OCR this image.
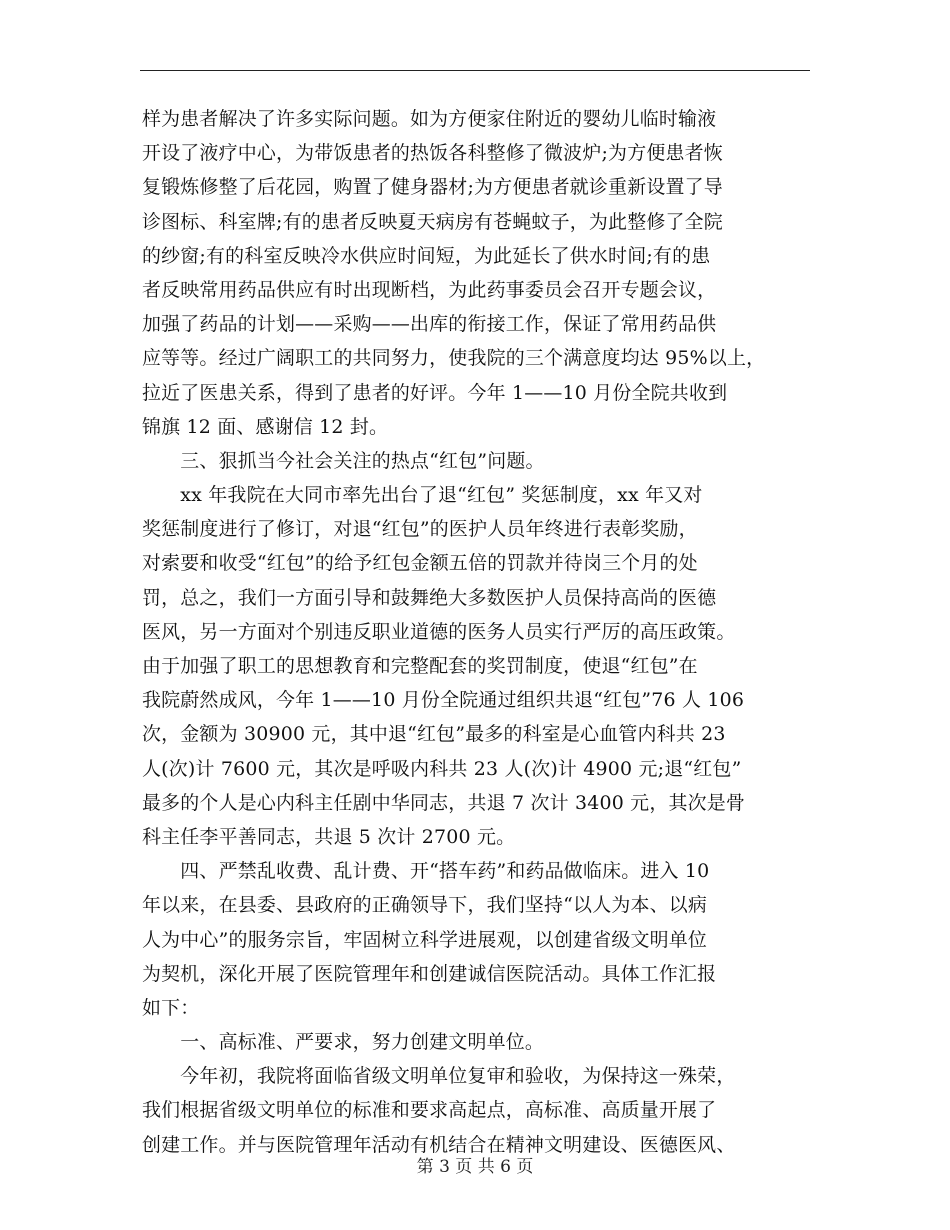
样为患者解决了许多实际问题。如为方便家住附近的婴幼儿临时输液
开设了液疗中心，为带饭患者的热饭各科整修了微波炉;为方便患者恢
复锻炼修整了后花园，购置了健身器材;为方便患者就诊重新设置了导
诊图标、科室牌;有的患者反映夏天病房有苍蝇蚊子，为此整修了全院
的纱窗;有的科室反映冷水供应时间短，为此延长了供水时间;有的患
者反映常用药品供应有时出现断档，为此药事委员会召开专题会议，
加强了药品的计划——采购——出库的衔接工作，保证了常用药品供
应等等。经过广阔职工的共同努力，使我院的三个满意度均达 95%以上，
拉近了医患关系，得到了患者的好评。今年 1——10 月份全院共收到
锦旗 12 面、感谢信 12 封。
　　三、狠抓当今社会关注的热点“红包”问题。
　　xx 年我院在大同市率先出台了退“红包” 奖惩制度，xx 年又对
奖惩制度进行了修订，对退“红包”的医护人员年终进行表彰奖励，
对索要和收受“红包”的给予红包金额五倍的罚款并待岗三个月的处
罚，总之，我们一方面引导和鼓舞绝大多数医护人员保持高尚的医德
医风，另一方面对个别违反职业道德的医务人员实行严厉的高压政策。
由于加强了职工的思想教育和完整配套的奖罚制度，使退“红包”在
我院蔚然成风，今年 1——10 月份全院通过组织共退“红包”76 人 106
次，金额为 30900 元，其中退“红包”最多的科室是心血管内科共 23
人(次)计 7600 元，其次是呼吸内科共 23 人(次)计 4900 元;退“红包”
最多的个人是心内科主任剧中华同志，共退 7 次计 3400 元，其次是骨
科主任李平善同志，共退 5 次计 2700 元。
　　四、严禁乱收费、乱计费、开“搭车药”和药品做临床。进入 10
年以来，在县委、县政府的正确领导下，我们坚持“以人为本、以病
人为中心”的服务宗旨，牢固树立科学进展观，以创建省级文明单位
为契机，深化开展了医院管理年和创建诚信医院活动。具体工作汇报
如下：
　　一、高标准、严要求，努力创建文明单位。
　　今年初，我院将面临省级文明单位复审和验收，为保持这一殊荣，
我们根据省级文明单位的标准和要求高起点，高标准、高质量开展了
创建工作。并与医院管理年活动有机结合在精神文明建设、医德医风、
第 3 页 共 6 页
